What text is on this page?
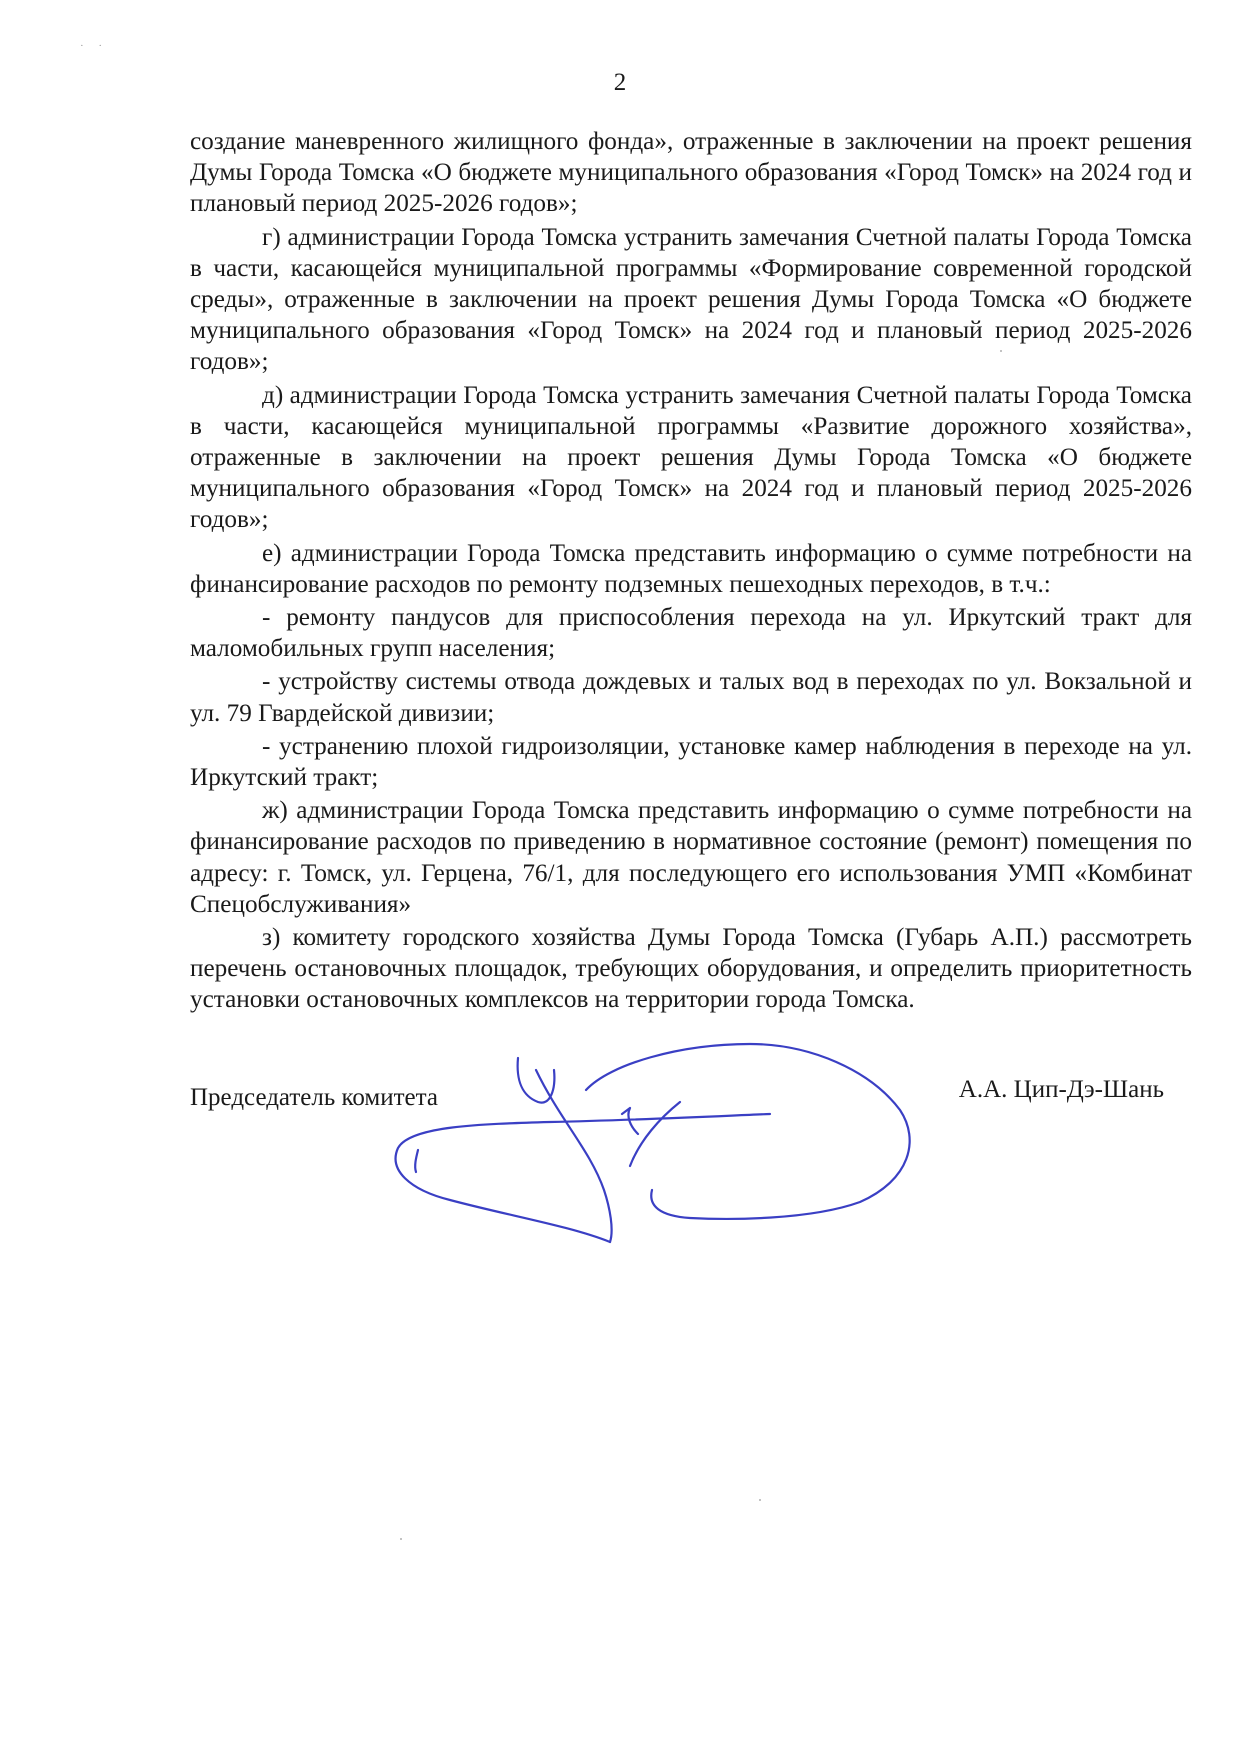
2
· ·

создание маневренного жилищного фонда», отраженные в заключении на проект решения Думы Города Томска «О бюджете муниципального образования «Город Томск» на 2024 год и плановый период 2025-2026 годов»;

г) администрации Города Томска устранить замечания Счетной палаты Города Томска в части, касающейся муниципальной программы «Формирование современной городской среды», отраженные в заключении на проект решения Думы Города Томска «О бюджете муниципального образования «Город Томск» на 2024 год и плановый период 2025-2026 годов»;

д) администрации Города Томска устранить замечания Счетной палаты Города Томска в части, касающейся муниципальной программы «Развитие дорожного хозяйства», отраженные в заключении на проект решения Думы Города Томска «О бюджете муниципального образования «Город Томск» на 2024 год и плановый период 2025-2026 годов»;

е) администрации Города Томска представить информацию о сумме потребности на финансирование расходов по ремонту подземных пешеходных переходов, в т.ч.:

- ремонту пандусов для приспособления перехода на ул. Иркутский тракт для маломобильных групп населения;

- устройству системы отвода дождевых и талых вод в переходах по ул. Вокзальной и ул. 79 Гвардейской дивизии;

- устранению плохой гидроизоляции, установке камер наблюдения в переходе на ул. Иркутский тракт;

ж) администрации Города Томска представить информацию о сумме потребности на финансирование расходов по приведению в нормативное состояние (ремонт) помещения по адресу: г. Томск, ул. Герцена, 76/1, для последующего его использования УМП «Комбинат Спецобслуживания»

з) комитету городского хозяйства Думы Города Томска (Губарь А.П.) рассмотреть перечень остановочных площадок, требующих оборудования, и определить приоритетность установки остановочных комплексов на территории города Томска.

Председатель комитета	А.А. Цип-Дэ-Шань
